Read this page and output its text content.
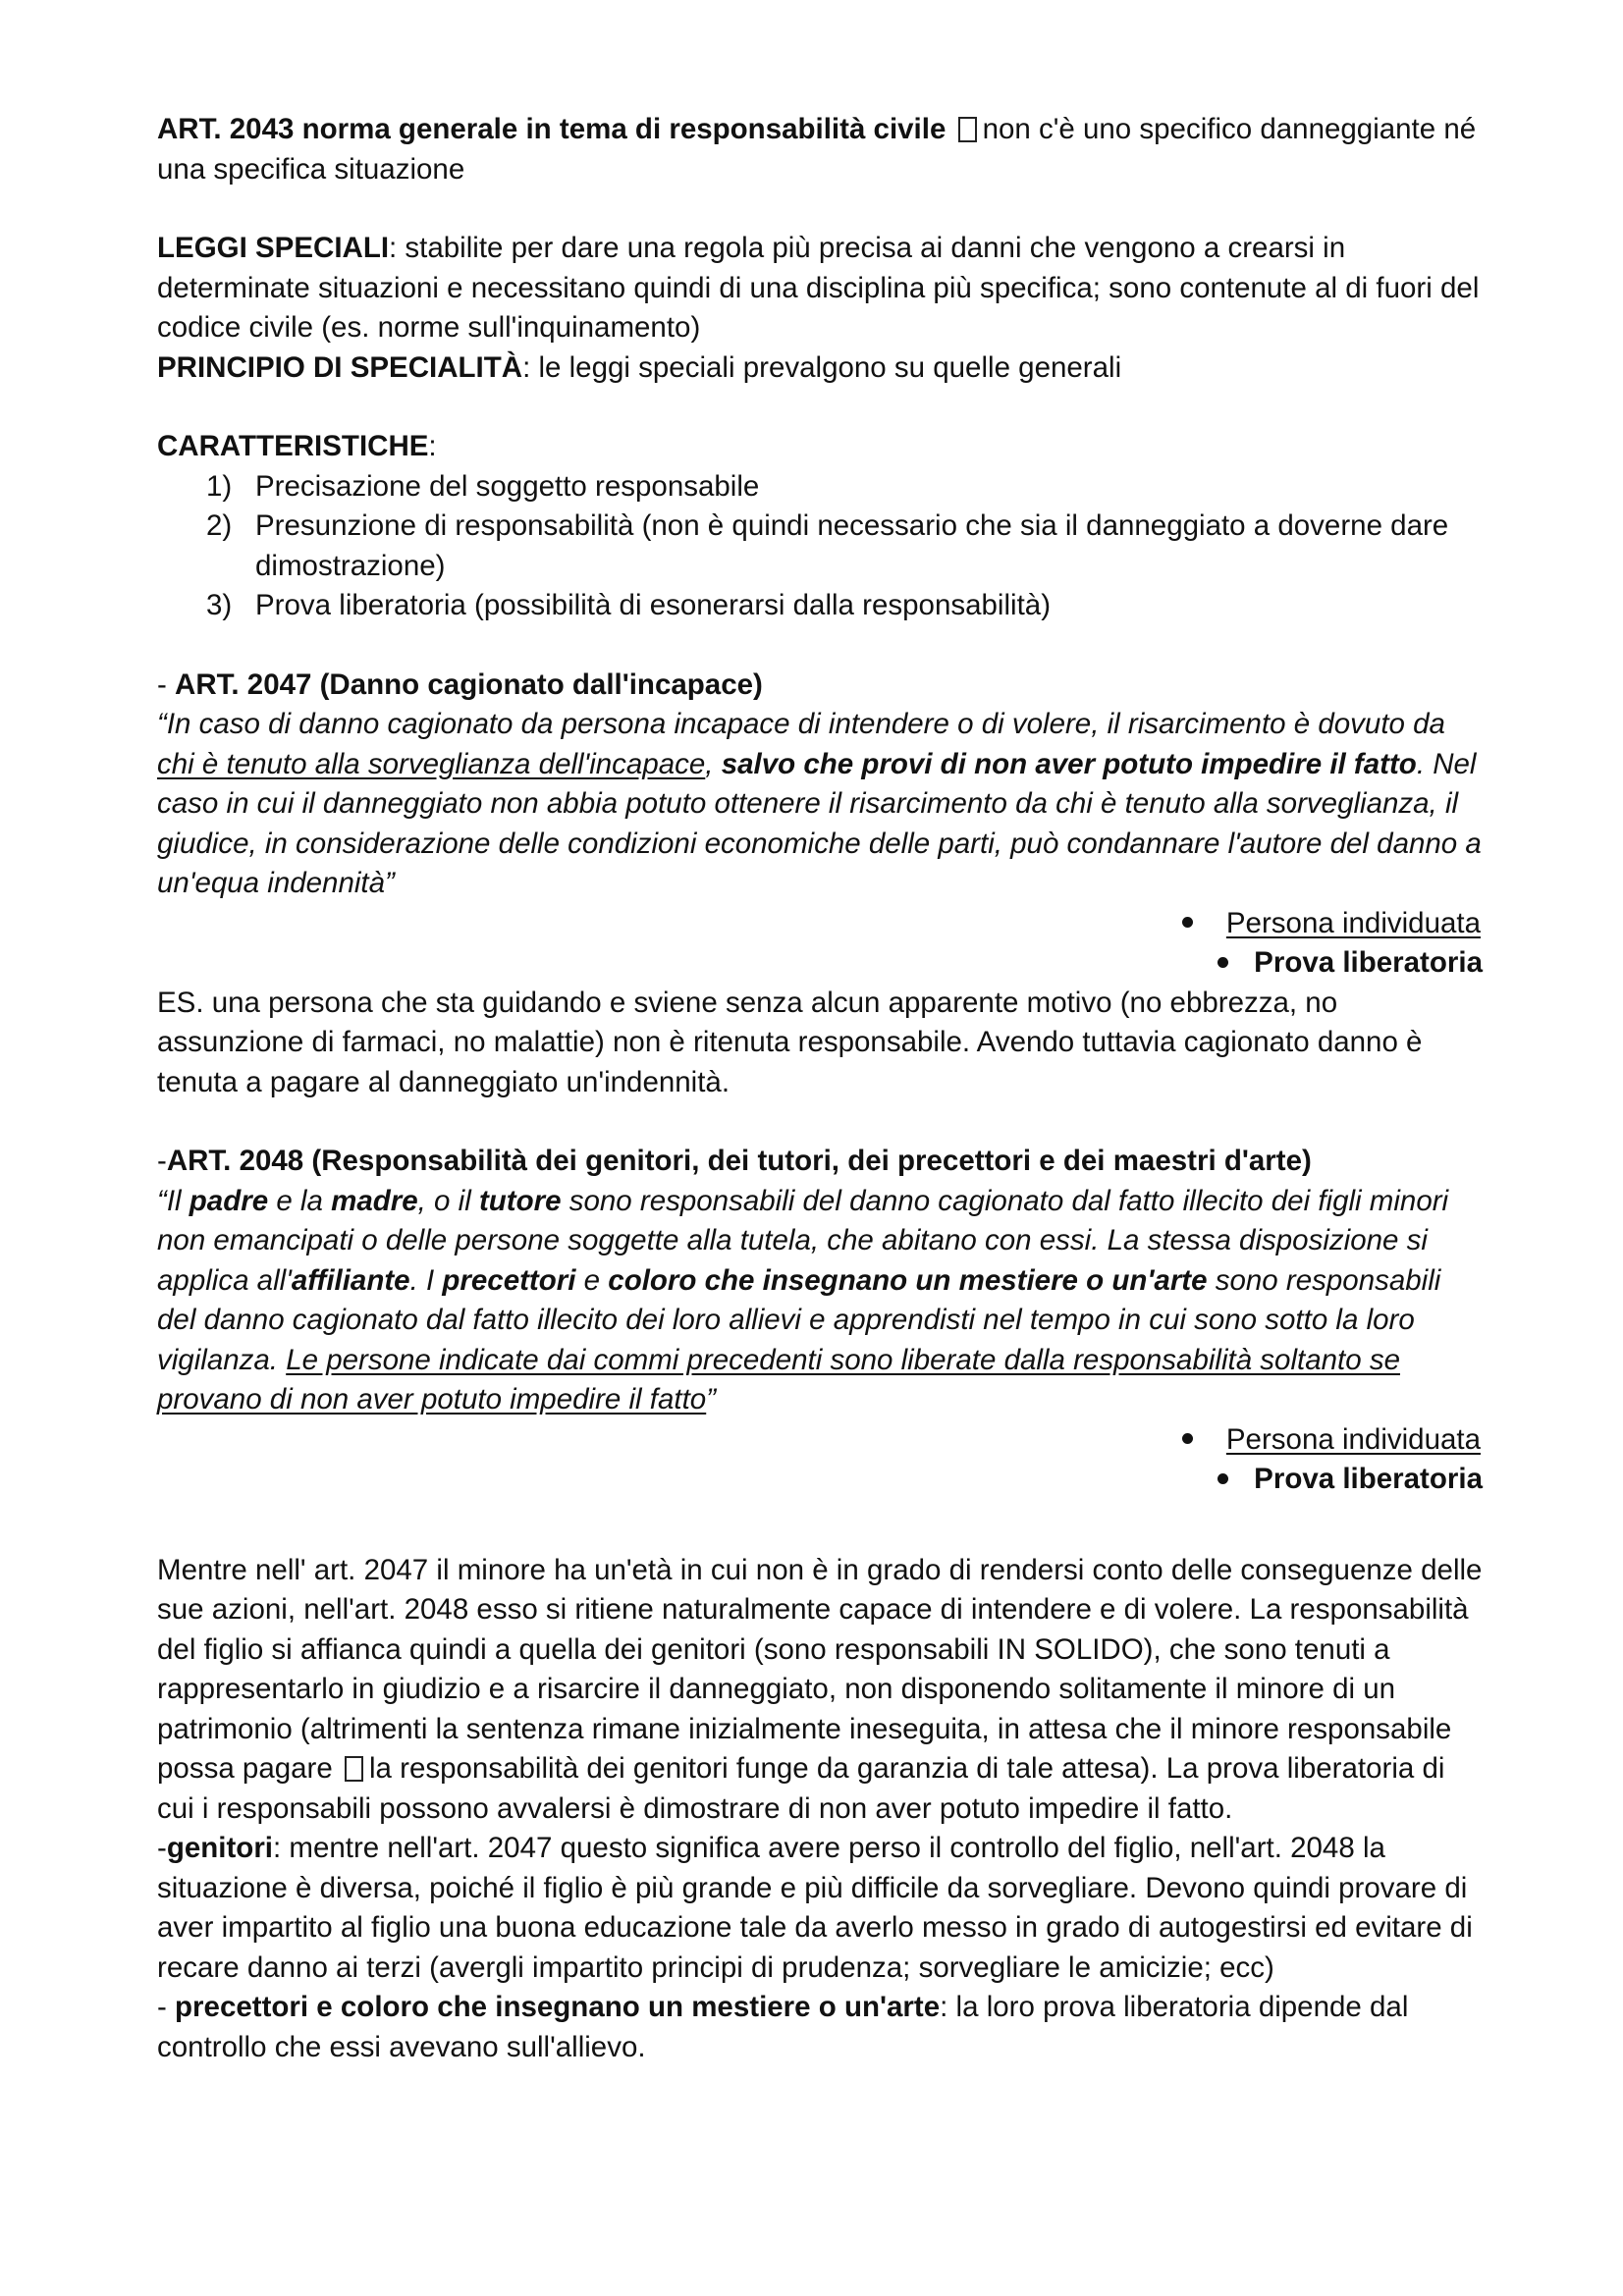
ART. 2043 norma generale in tema di responsabilità civile non c'è uno specifico danneggiante né una specifica situazione

LEGGI SPECIALI: stabilite per dare una regola più precisa ai danni che vengono a crearsi in determinate situazioni e necessitano quindi di una disciplina più specifica; sono contenute al di fuori del codice civile (es. norme sull'inquinamento)

PRINCIPIO DI SPECIALITÀ: le leggi speciali prevalgono su quelle generali

CARATTERISTICHE:

1) Precisazione del soggetto responsabile
2) Presunzione di responsabilità (non è quindi necessario che sia il danneggiato a doverne dare dimostrazione)
3) Prova liberatoria (possibilità di esonerarsi dalla responsabilità)

- ART. 2047 (Danno cagionato dall'incapace)

“In caso di danno cagionato da persona incapace di intendere o di volere, il risarcimento è dovuto da chi è tenuto alla sorveglianza dell'incapace, salvo che provi di non aver potuto impedire il fatto. Nel caso in cui il danneggiato non abbia potuto ottenere il risarcimento da chi è tenuto alla sorveglianza, il giudice, in considerazione delle condizioni economiche delle parti, può condannare l'autore del danno a un'equa indennità”

Persona individuata
Prova liberatoria

ES. una persona che sta guidando e sviene senza alcun apparente motivo (no ebbrezza, no assunzione di farmaci, no malattie) non è ritenuta responsabile. Avendo tuttavia cagionato danno è tenuta a pagare al danneggiato un'indennità.

-ART. 2048 (Responsabilità dei genitori, dei tutori, dei precettori e dei maestri d'arte)

“Il padre e la madre, o il tutore sono responsabili del danno cagionato dal fatto illecito dei figli minori non emancipati o delle persone soggette alla tutela, che abitano con essi. La stessa disposizione si applica all'affiliante. I precettori e coloro che insegnano un mestiere o un'arte sono responsabili del danno cagionato dal fatto illecito dei loro allievi e apprendisti nel tempo in cui sono sotto la loro vigilanza. Le persone indicate dai commi precedenti sono liberate dalla responsabilità soltanto se provano di non aver potuto impedire il fatto”

Persona individuata
Prova liberatoria

Mentre nell' art. 2047 il minore ha un'età in cui non è in grado di rendersi conto delle conseguenze delle sue azioni, nell'art. 2048 esso si ritiene naturalmente capace di intendere e di volere. La responsabilità del figlio si affianca quindi a quella dei genitori (sono responsabili IN SOLIDO), che sono tenuti a rappresentarlo in giudizio e a risarcire il danneggiato, non disponendo solitamente il minore di un patrimonio (altrimenti la sentenza rimane inizialmente ineseguita, in attesa che il minore responsabile possa pagare la responsabilità dei genitori funge da garanzia di tale attesa). La prova liberatoria di cui i responsabili possono avvalersi è dimostrare di non aver potuto impedire il fatto.

-genitori: mentre nell'art. 2047 questo significa avere perso il controllo del figlio, nell'art. 2048 la situazione è diversa, poiché il figlio è più grande e più difficile da sorvegliare. Devono quindi provare di aver impartito al figlio una buona educazione tale da averlo messo in grado di autogestirsi ed evitare di recare danno ai terzi (avergli impartito principi di prudenza; sorvegliare le amicizie; ecc)

- precettori e coloro che insegnano un mestiere o un'arte: la loro prova liberatoria dipende dal controllo che essi avevano sull'allievo.
